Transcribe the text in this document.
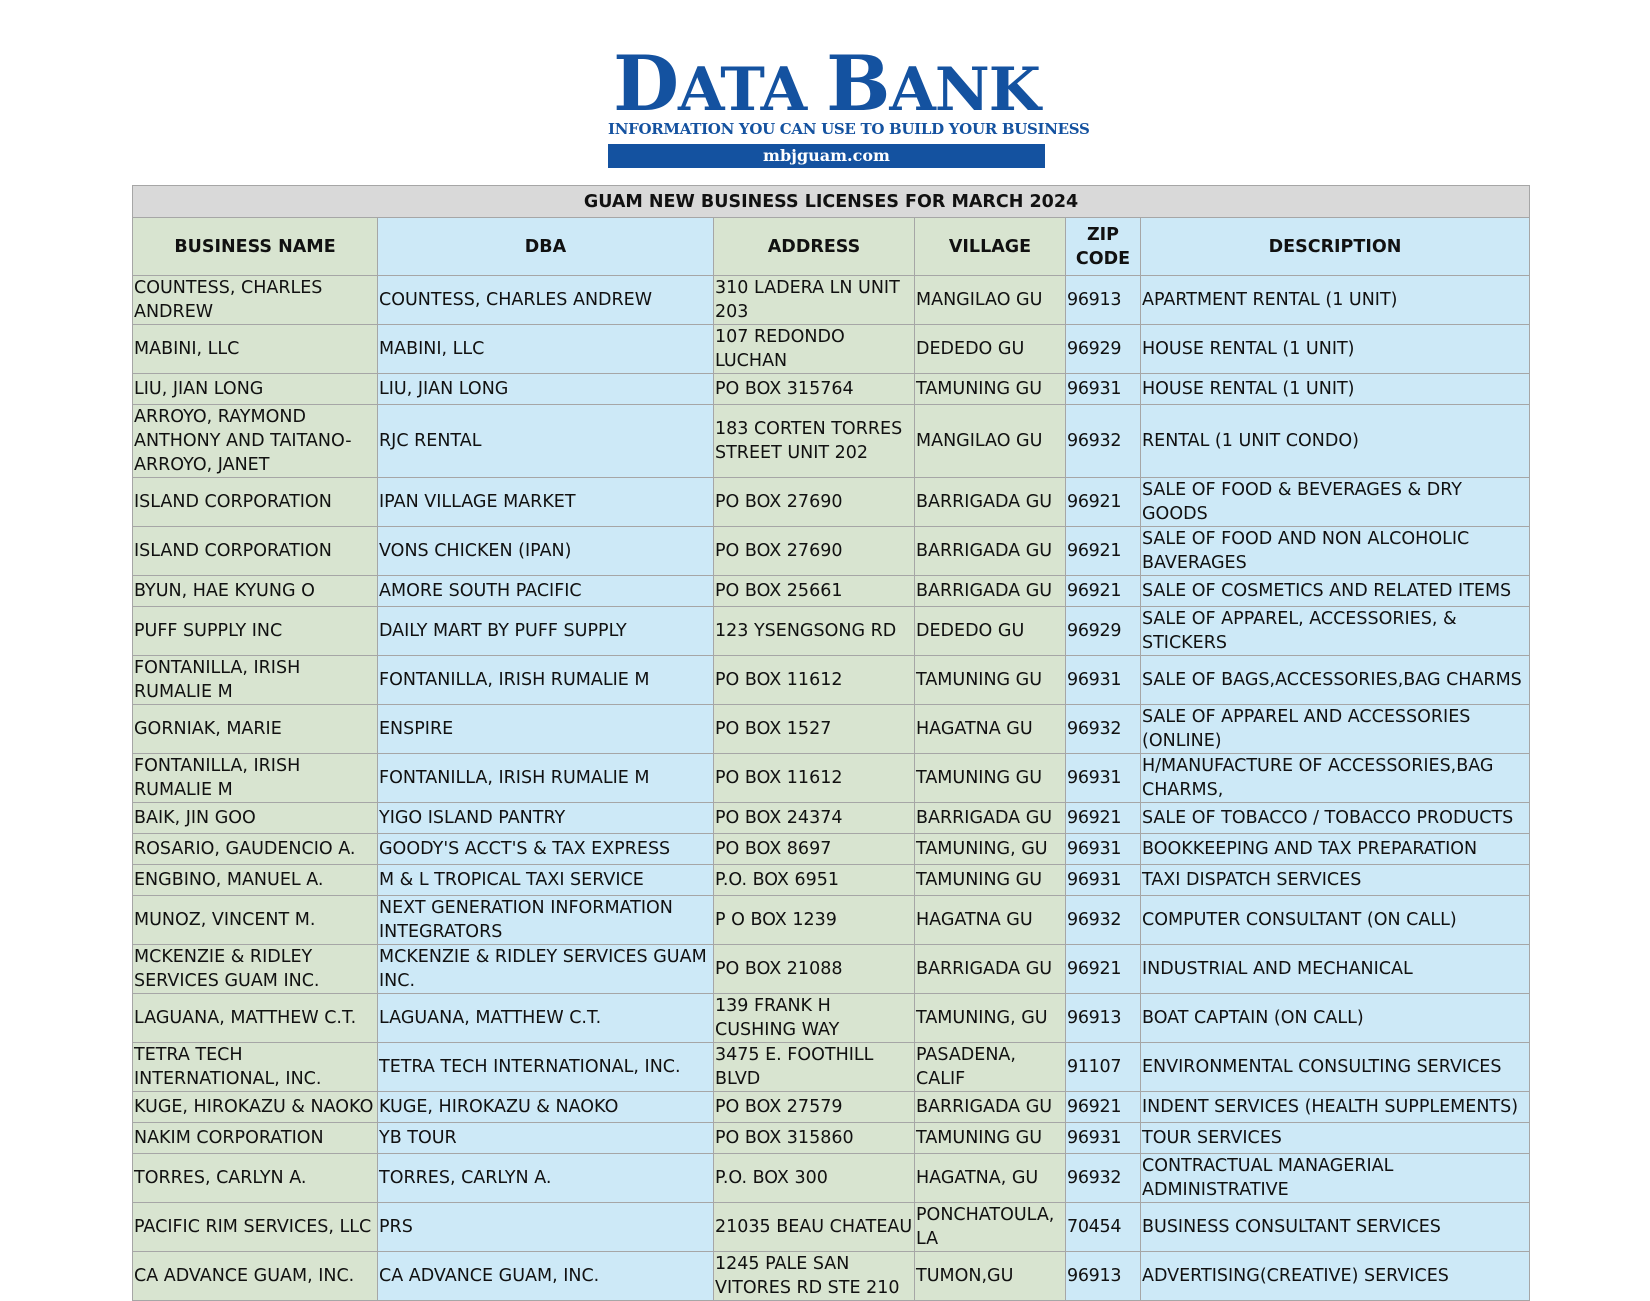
DATA BANK
INFORMATION YOU CAN USE TO BUILD YOUR BUSINESS
mbjguam.com
GUAM NEW BUSINESS LICENSES FOR MARCH 2024					
BUSINESS NAME	DBA	ADDRESS	VILLAGE	ZIP CODE	DESCRIPTION
COUNTESS, CHARLES ANDREW	COUNTESS, CHARLES ANDREW	310 LADERA LN UNIT 203	MANGILAO GU	96913	APARTMENT RENTAL (1 UNIT)
MABINI, LLC	MABINI, LLC	107 REDONDO LUCHAN	DEDEDO GU	96929	HOUSE RENTAL (1 UNIT)
LIU, JIAN LONG	LIU, JIAN LONG	PO BOX 315764	TAMUNING GU	96931	HOUSE RENTAL (1 UNIT)
ARROYO, RAYMOND ANTHONY AND TAITANO-ARROYO, JANET	RJC RENTAL	183 CORTEN TORRES STREET UNIT 202	MANGILAO GU	96932	RENTAL (1 UNIT CONDO)
ISLAND CORPORATION	IPAN VILLAGE MARKET	PO BOX 27690	BARRIGADA GU	96921	SALE OF FOOD & BEVERAGES & DRY GOODS
ISLAND CORPORATION	VONS CHICKEN (IPAN)	PO BOX 27690	BARRIGADA GU	96921	SALE OF FOOD AND NON ALCOHOLIC BAVERAGES
BYUN, HAE KYUNG O	AMORE SOUTH PACIFIC	PO BOX 25661	BARRIGADA GU	96921	SALE OF COSMETICS AND RELATED ITEMS
PUFF SUPPLY INC	DAILY MART BY PUFF SUPPLY	123 YSENGSONG RD	DEDEDO GU	96929	SALE OF APPAREL, ACCESSORIES, & STICKERS
FONTANILLA, IRISH RUMALIE M	FONTANILLA, IRISH RUMALIE M	PO BOX 11612	TAMUNING GU	96931	SALE OF BAGS,ACCESSORIES,BAG CHARMS
GORNIAK, MARIE	ENSPIRE	PO BOX 1527	HAGATNA GU	96932	SALE OF APPAREL AND ACCESSORIES (ONLINE)
FONTANILLA, IRISH RUMALIE M	FONTANILLA, IRISH RUMALIE M	PO BOX 11612	TAMUNING GU	96931	H/MANUFACTURE OF ACCESSORIES,BAG CHARMS,
BAIK, JIN GOO	YIGO ISLAND PANTRY	PO BOX 24374	BARRIGADA GU	96921	SALE OF TOBACCO / TOBACCO PRODUCTS
ROSARIO, GAUDENCIO A.	GOODY'S ACCT'S & TAX EXPRESS	PO BOX 8697	TAMUNING, GU	96931	BOOKKEEPING AND TAX PREPARATION
ENGBINO, MANUEL A.	M & L TROPICAL TAXI SERVICE	P.O. BOX 6951	TAMUNING GU	96931	TAXI DISPATCH SERVICES
MUNOZ, VINCENT M.	NEXT GENERATION INFORMATION INTEGRATORS	P O BOX 1239	HAGATNA GU	96932	COMPUTER CONSULTANT (ON CALL)
MCKENZIE & RIDLEY SERVICES GUAM INC.	MCKENZIE & RIDLEY SERVICES GUAM INC.	PO BOX 21088	BARRIGADA GU	96921	INDUSTRIAL AND MECHANICAL
LAGUANA, MATTHEW C.T.	LAGUANA, MATTHEW C.T.	139 FRANK H CUSHING WAY	TAMUNING, GU	96913	BOAT CAPTAIN (ON CALL)
TETRA TECH INTERNATIONAL, INC.	TETRA TECH INTERNATIONAL, INC.	3475 E. FOOTHILL BLVD	PASADENA, CALIF	91107	ENVIRONMENTAL CONSULTING SERVICES
KUGE, HIROKAZU & NAOKO	KUGE, HIROKAZU & NAOKO	PO BOX 27579	BARRIGADA GU	96921	INDENT SERVICES (HEALTH SUPPLEMENTS)
NAKIM CORPORATION	YB TOUR	PO BOX 315860	TAMUNING GU	96931	TOUR SERVICES
TORRES, CARLYN A.	TORRES, CARLYN A.	P.O. BOX 300	HAGATNA, GU	96932	CONTRACTUAL MANAGERIAL ADMINISTRATIVE
PACIFIC RIM SERVICES, LLC	PRS	21035 BEAU CHATEAU	PONCHATOULA, LA	70454	BUSINESS CONSULTANT SERVICES
CA ADVANCE GUAM, INC.	CA ADVANCE GUAM, INC.	1245 PALE SAN VITORES RD STE 210	TUMON,GU	96913	ADVERTISING(CREATIVE) SERVICES
